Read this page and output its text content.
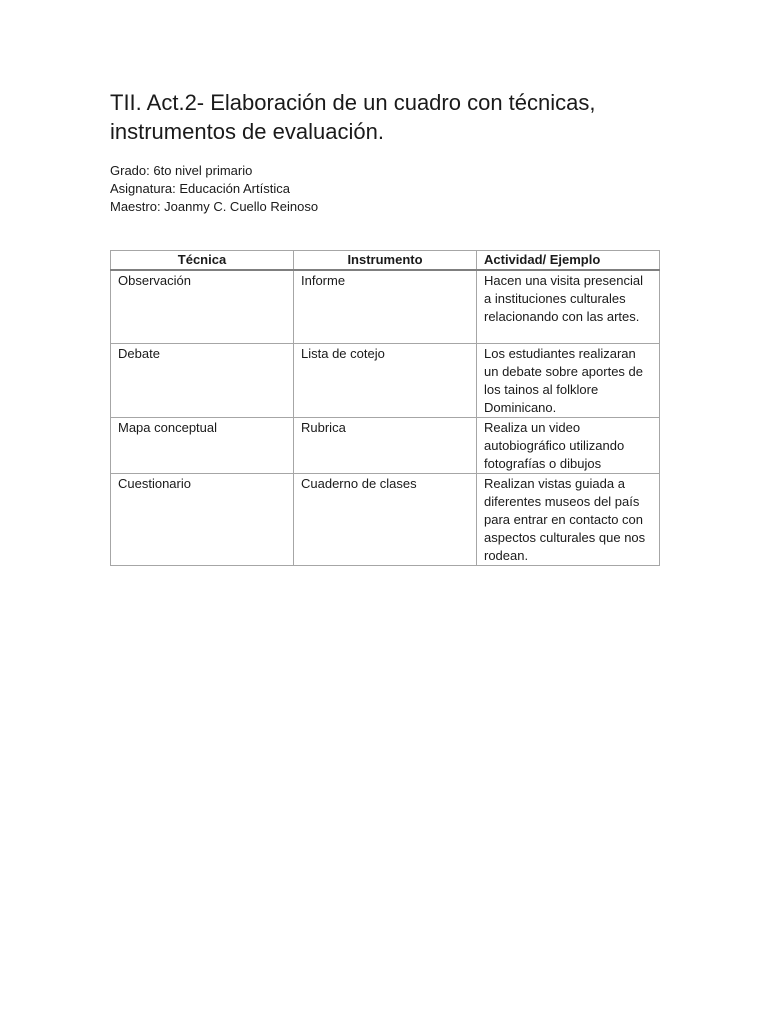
TII. Act.2- Elaboración de un cuadro con técnicas, instrumentos de evaluación.
Grado: 6to nivel primario
Asignatura: Educación Artística
Maestro: Joanmy C. Cuello Reinoso
Técnica	Instrumento	Actividad/ Ejemplo
Observación	Informe	Hacen una visita presencial a instituciones culturales relacionando con las artes.
Debate	Lista de cotejo	Los estudiantes realizaran un debate sobre aportes de los tainos al folklore Dominicano.
Mapa conceptual	Rubrica	Realiza un video autobiográfico utilizando fotografías o dibujos
Cuestionario	Cuaderno de clases	Realizan vistas guiada a diferentes museos del país para entrar en contacto con aspectos culturales que nos rodean.
